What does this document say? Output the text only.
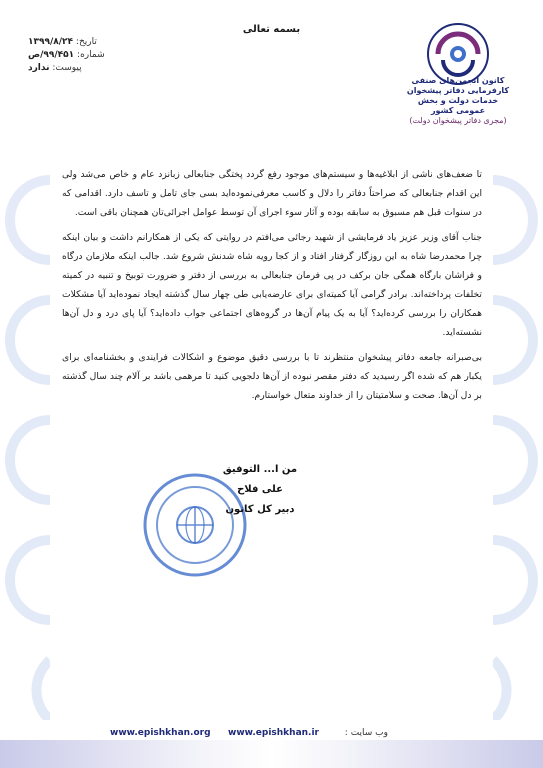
بسمه تعالی
تاریخ: ۱۳۹۹/۸/۲۴
شماره: ۹۹/۴۵۱/ص
پیوست: ندارد
کانون انجمن‌های صنفی کارفرمایی دفاتر پیشخوان
خدمات دولت و بخش عمومی کشور
(مجری دفاتر پیشخوان دولت)

تا ضعف‌های ناشی از ابلاغیه‌ها و سیستم‌های موجود رفع گردد پختگی جنابعالی زبانزد عام و خاص می‌شد ولی این اقدام جنابعالی که صراحتاً دفاتر را دلال و کاسب معرفی‌نموده‌اید بسی جای تامل و تاسف دارد. اقدامی که در سنوات قبل هم مسبوق به سابقه بوده و آثار سوء اجرای آن توسط عوامل اجرائی‌تان همچنان باقی است.

جناب آقای وزیر عزیز یاد فرمایشی از شهید رجائی می‌افتم در روایتی که یکی از همکارانم داشت و بیان اینکه چرا محمدرضا شاه به این روزگار گرفتار افتاد و از کجا رویه شاه شدنش شروع شد. جالب اینکه ملازمان درگاه و فراشان بارگاه همگی جان برکف در پی فرمان جنابعالی به بررسی از دفتر و ضرورت توبیخ و تنبیه در کمیته تخلفات پرداخته‌اند. برادر گرامی آیا کمیته‌ای برای عارضه‌یابی طی چهار سال گذشته ایجاد نموده‌اید آیا مشکلات همکاران را بررسی کرده‌اید؟ آیا به یک پیام آن‌ها در گروه‌های اجتماعی جواب داده‌اید؟ آیا پای درد و دل آن‌ها نشسته‌اید.

بی‌صبرانه جامعه دفاتر پیشخوان منتظرند تا با بررسی دقیق موضوع و اشکالات فرایندی و بخشنامه‌ای برای یکبار هم که شده اگر رسیدید که دفتر مقصر نبوده از آن‌ها دلجویی کنید تا مرهمی باشد بر آلام چند سال گذشته بر دل آن‌ها. صحت و سلامتیتان را از خداوند متعال خواستارم.

من ا... التوفیق
علی فلاح
دبیر کل کانون
www.epishkhan.org www.epishkhan.ir	وب سایت :
